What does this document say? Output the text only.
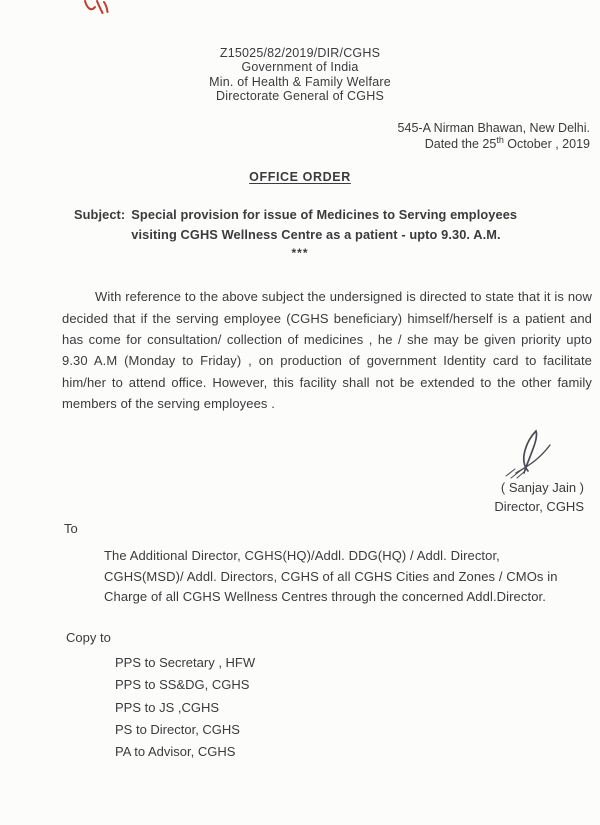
Z15025/82/2019/DIR/CGHS
Government of India
Min. of Health & Family Welfare
Directorate General of CGHS
545-A Nirman Bhawan, New Delhi.
Dated the 25th October , 2019
OFFICE ORDER
Subject: Special provision for issue of Medicines to Serving employees visiting CGHS Wellness Centre as a patient - upto 9.30. A.M.
***

With reference to the above subject the undersigned is directed to state that it is now decided that if the serving employee (CGHS beneficiary) himself/herself is a patient and has come for consultation/ collection of medicines , he / she may be given priority upto 9.30 A.M (Monday to Friday) , on production of government Identity card to facilitate him/her to attend office. However, this facility shall not be extended to the other family members of the serving employees .

( Sanjay Jain )
Director, CGHS
To
The Additional Director, CGHS(HQ)/Addl. DDG(HQ) / Addl. Director, CGHS(MSD)/ Addl. Directors, CGHS of all CGHS Cities and Zones / CMOs in Charge of all CGHS Wellness Centres through the concerned Addl.Director.
Copy to
PPS to Secretary , HFW
PPS to SS&DG, CGHS
PPS to JS ,CGHS
PS to Director, CGHS
PA to Advisor, CGHS
